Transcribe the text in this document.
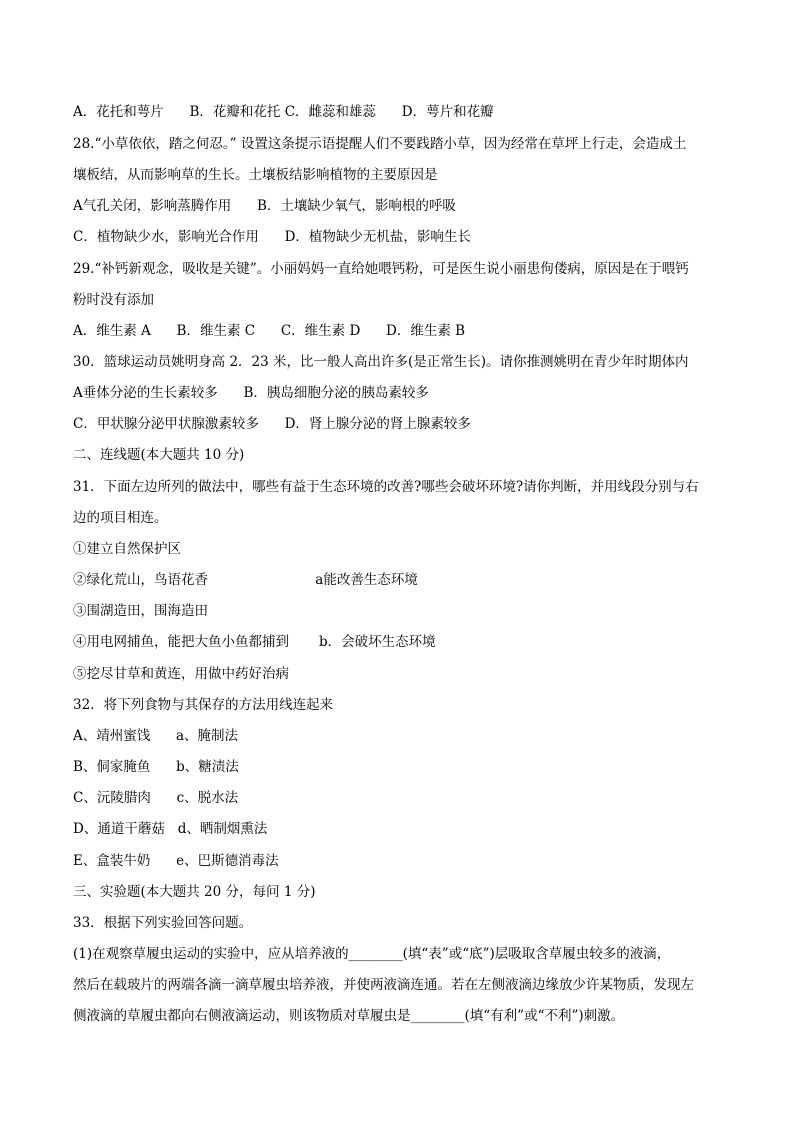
A．花托和萼片      B．花瓣和花托 C．雌蕊和雄蕊      D．萼片和花瓣
28.“小草依依，踏之何忍。” 设置这条提示语提醒人们不要践踏小草，因为经常在草坪上行走，会造成土
壤板结，从而影响草的生长。土壤板结影响植物的主要原因是
A气孔关闭，影响蒸腾作用      B．土壤缺少氧气，影响根的呼吸
C．植物缺少水，影响光合作用      D．植物缺少无机盐，影响生长
29.“补钙新观念，吸收是关键”。小丽妈妈一直给她喂钙粉，可是医生说小丽患佝偻病，原因是在于喂钙
粉时没有添加
A．维生素 A      B．维生素 C      C．维生素 D      D．维生素 B
30．篮球运动员姚明身高 2．23 米，比一般人高出许多(是正常生长)。请你推测姚明在青少年时期体内
A垂体分泌的生长素较多      B．胰岛细胞分泌的胰岛素较多
C．甲状腺分泌甲状腺激素较多      D．肾上腺分泌的肾上腺素较多
二、连线题(本大题共 10 分)
31．下面左边所列的做法中，哪些有益于生态环境的改善?哪些会破坏环境?请你判断，并用线段分别与右
边的项目相连。
①建立自然保护区
②绿化荒山，鸟语花香                         a能改善生态环境
③围湖造田，围海造田
④用电网捕鱼，能把大鱼小鱼都捕到       b．会破坏生态环境
⑤挖尽甘草和黄连，用做中药好治病
32．将下列食物与其保存的方法用线连起来
A、靖州蜜饯      a、腌制法
B、侗家腌鱼      b、糖渍法
C、沅陵腊肉      c、脱水法
D、通道干蘑菇   d、晒制烟熏法
E、盒装牛奶      e、巴斯德消毒法
三、实验题(本大题共 20 分，每问 1 分)
33．根据下列实验回答问题。
(1)在观察草履虫运动的实验中，应从培养液的________(填“表”或“底”)层吸取含草履虫较多的液滴，
然后在载玻片的两端各滴一滴草履虫培养液，并使两液滴连通。若在左侧液滴边缘放少许某物质，发现左
侧液滴的草履虫都向右侧液滴运动，则该物质对草履虫是________(填“有利”或“不利”)刺激。
